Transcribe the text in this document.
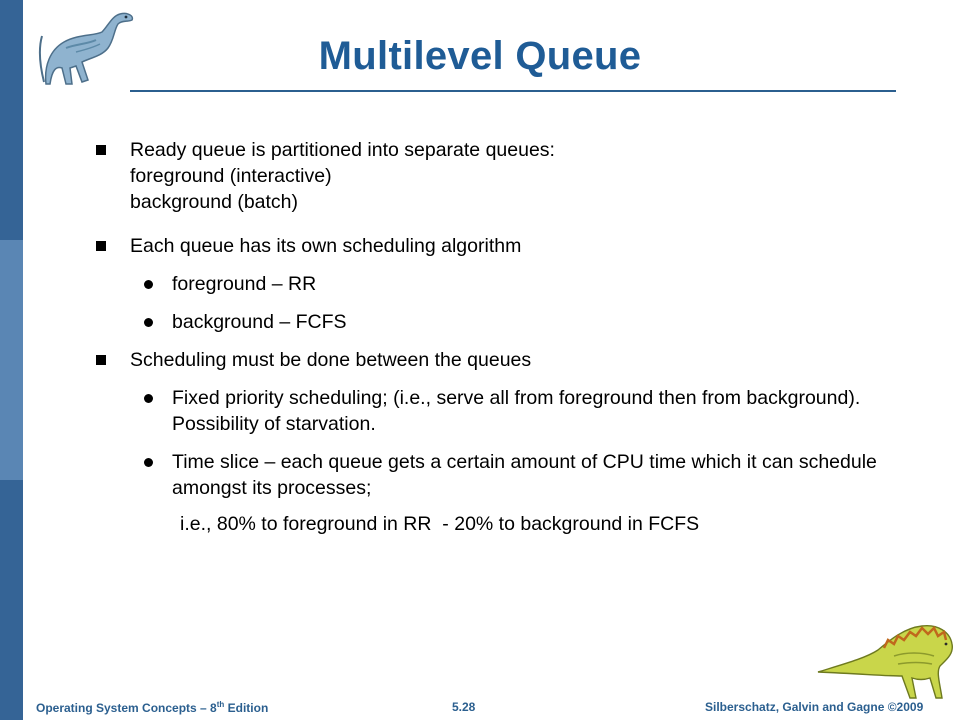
Multilevel Queue
Ready queue is partitioned into separate queues:
foreground (interactive)
background (batch)
Each queue has its own scheduling algorithm
foreground – RR
background – FCFS
Scheduling must be done between the queues
Fixed priority scheduling; (i.e., serve all from foreground then from background). Possibility of starvation.
Time slice – each queue gets a certain amount of CPU time which it can schedule amongst its processes;
i.e., 80% to foreground in RR  - 20% to background in FCFS
Operating System Concepts – 8th Edition	5.28	Silberschatz, Galvin and Gagne ©2009
